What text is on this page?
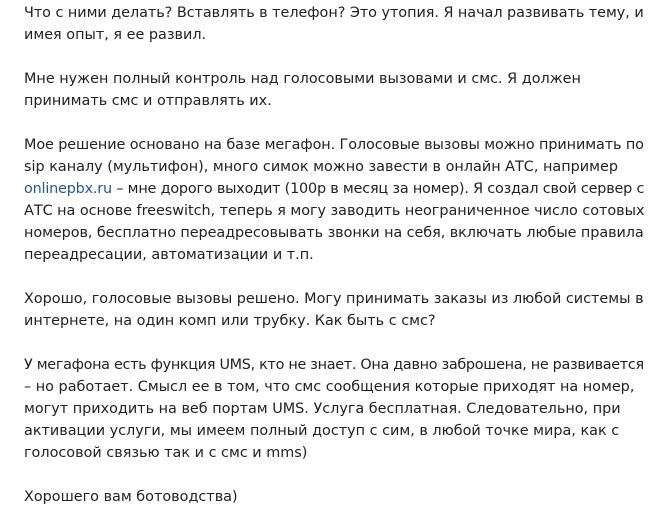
Что с ними делать? Вставлять в телефон? Это утопия. Я начал развивать тему, и
имея опыт, я ее развил.

Мне нужен полный контроль над голосовыми вызовами и смс. Я должен
принимать смс и отправлять их.

Мое решение основано на базе мегафон. Голосовые вызовы можно принимать по
sip каналу (мультифон), много симок можно завести в онлайн АТС, например
onlinepbx.ru – мне дорого выходит (100р в месяц за номер). Я создал свой сервер с
АТС на основе freeswitch, теперь я могу заводить неограниченное число сотовых
номеров, бесплатно переадресовывать звонки на себя, включать любые правила
переадресации, автоматизации и т.п.

Хорошо, голосовые вызовы решено. Могу принимать заказы из любой системы в
интернете, на один комп или трубку. Как быть с смс?

У мегафона есть функция UMS, кто не знает. Она давно заброшена, не развивается
– но работает. Смысл ее в том, что смс сообщения которые приходят на номер,
могут приходить на веб портам UMS. Услуга бесплатная. Следовательно, при
активации услуги, мы имеем полный доступ с сим, в любой точке мира, как с
голосовой связью так и с смс и mms)

Хорошего вам ботоводства)
